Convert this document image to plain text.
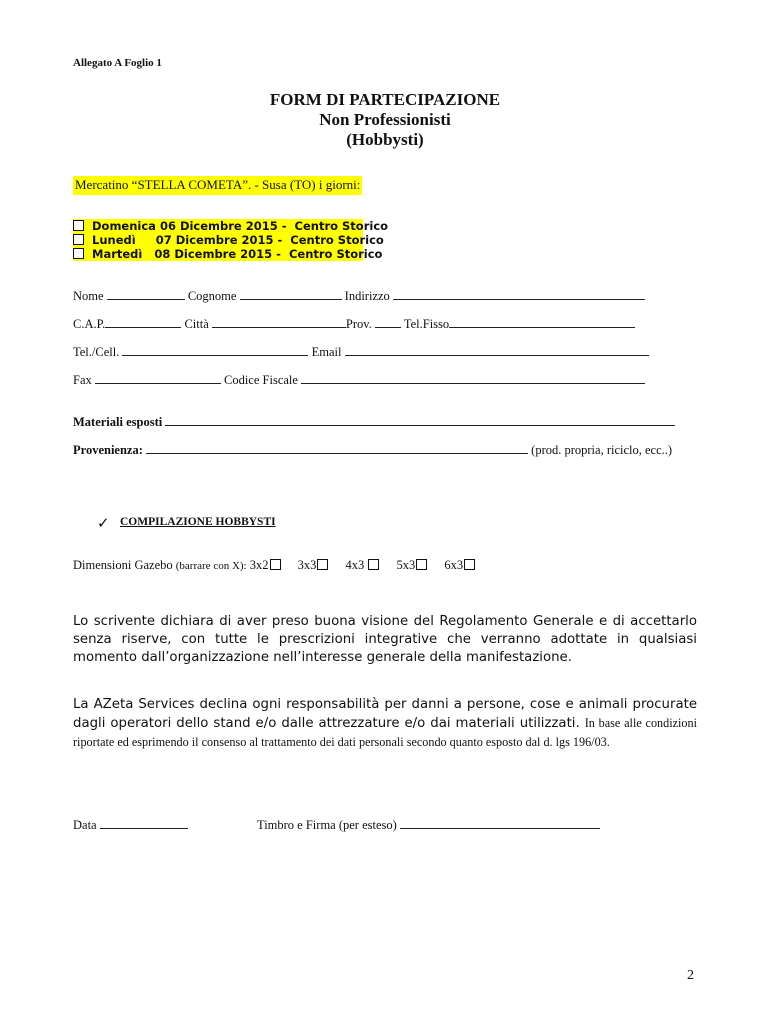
Allegato A Foglio 1
FORM DI PARTECIPAZIONE
Non Professionisti
(Hobbysti)
Mercatino “STELLA COMETA”. - Susa (TO) i giorni:
Domenica 06 Dicembre 2015 -  Centro Storico
Lunedì     07 Dicembre 2015 -  Centro Storico
Martedì   08 Dicembre 2015 -  Centro Storico
Nome	Cognome	Indirizzo
C.A.P.	Città	Prov.	Tel.Fisso
Tel./Cell.	Email
Fax	Codice Fiscale
Materiali esposti
Provenienza:	(prod. propria, riciclo, ecc..)
✓ COMPILAZIONE HOBBYSTI
Dimensioni Gazebo (barrare con X): 3x2 3x3 4x3	5x3 6x3
Lo scrivente dichiara di aver preso buona visione del Regolamento Generale e di accettarlo senza riserve, con tutte le prescrizioni integrative che verranno adottate in qualsiasi momento dall’organizzazione nell’interesse generale della manifestazione.
La AZeta Services declina ogni responsabilità per danni a persone, cose e animali procurate dagli operatori dello stand e/o dalle attrezzature e/o dai materiali utilizzati. In base alle condizioni riportate ed esprimendo il consenso al trattamento dei dati personali secondo quanto esposto dal d. lgs 196/03.
Data	Timbro e Firma (per esteso)
2
